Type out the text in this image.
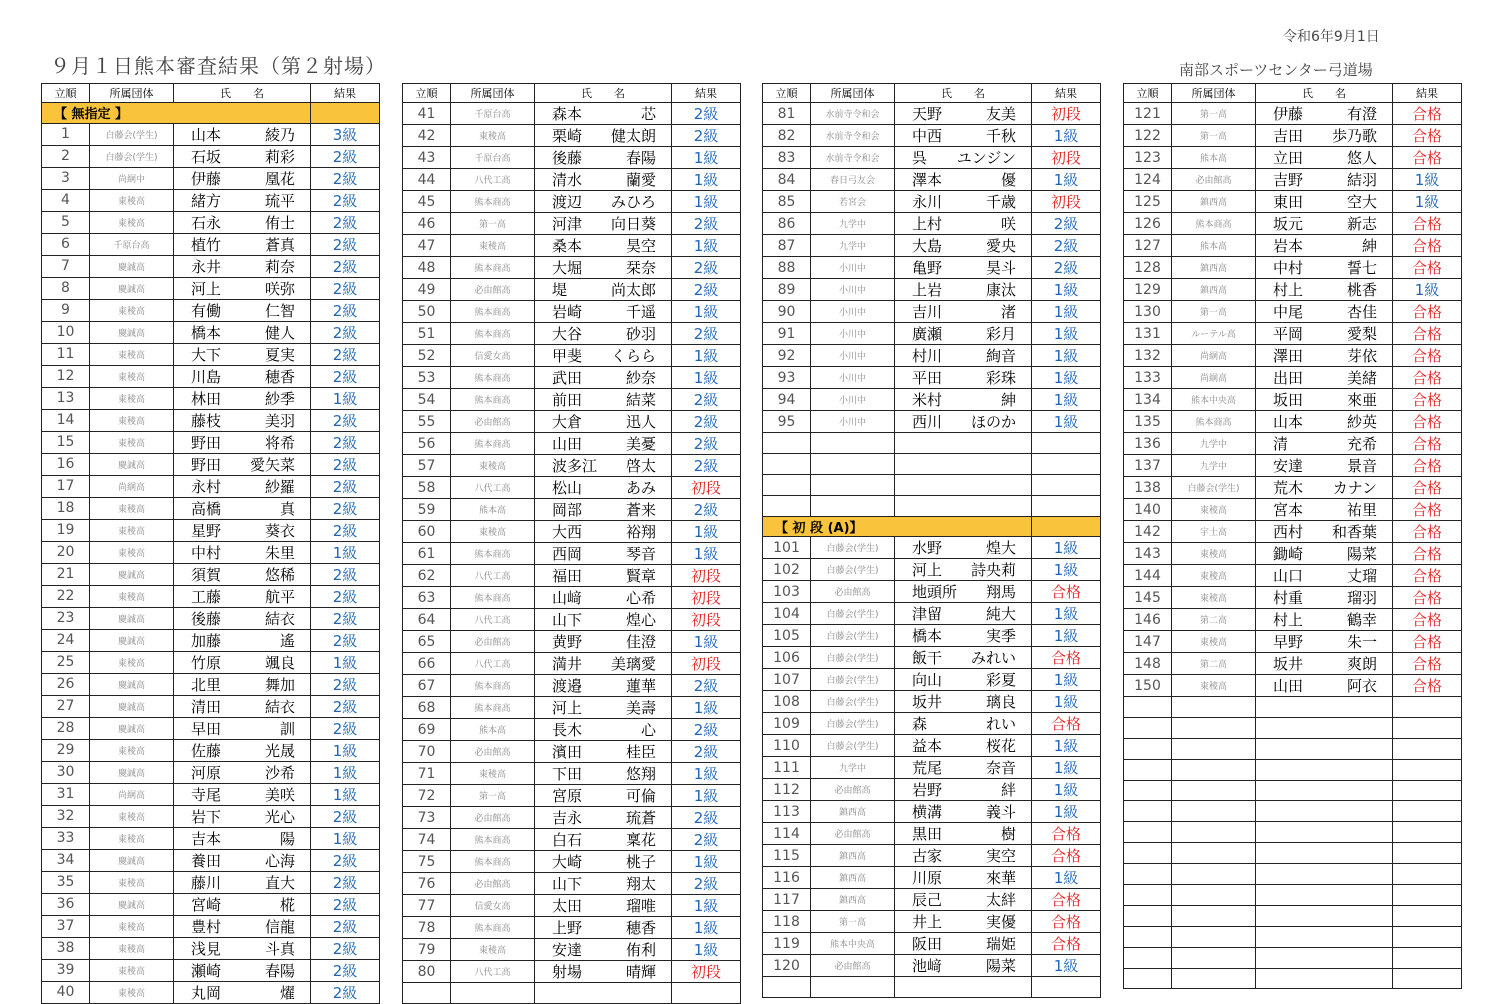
９月１日熊本審査結果（第２射場）
令和6年9月1日
南部スポーツセンター弓道場
立順	所属団体	氏　　名	結果
【 無指定 】			
1	白藤会(学生)	山本 綾乃	3級
2	白藤会(学生)	石坂 莉彩	2級
3	尚絅中	伊藤 凰花	2級
4	東稜高	緒方 琉平	2級
5	東稜高	石永 侑士	2級
6	千原台高	植竹 蒼真	2級
7	慶誠高	永井 莉奈	2級
8	慶誠高	河上 咲弥	2級
9	東稜高	有働 仁智	2級
10	慶誠高	橋本 健人	2級
11	東稜高	大下 夏実	2級
12	東稜高	川島 穂香	2級
13	東稜高	林田 紗季	1級
14	東稜高	藤枝 美羽	2級
15	東稜高	野田 将希	2級
16	慶誠高	野田 愛矢菜	2級
17	尚絅高	永村 紗羅	2級
18	東稜高	高橋 真	2級
19	東稜高	星野 葵衣	2級
20	東稜高	中村 朱里	1級
21	慶誠高	須賀 悠稀	2級
22	東稜高	工藤 航平	2級
23	慶誠高	後藤 結衣	2級
24	慶誠高	加藤 遙	2級
25	東稜高	竹原 颯良	1級
26	慶誠高	北里 舞加	2級
27	慶誠高	清田 結衣	2級
28	慶誠高	早田 訓	2級
29	東稜高	佐藤 光晟	1級
30	慶誠高	河原 沙希	1級
31	尚絅高	寺尾 美咲	1級
32	東稜高	岩下 光心	2級
33	東稜高	吉本 陽	1級
34	慶誠高	養田 心海	2級
35	東稜高	藤川 直大	2級
36	慶誠高	宮崎 椛	2級
37	東稜高	豊村 信龍	2級
38	東稜高	浅見 斗真	2級
39	東稜高	瀬崎 春陽	2級
40	東稜高	丸岡 燿	2級
立順	所属団体	氏　　名	結果
41	千原台高	森本 芯	2級
42	東稜高	栗崎 健太朗	2級
43	千原台高	後藤 春陽	1級
44	八代工高	清水 蘭愛	1級
45	熊本商高	渡辺 みひろ	1級
46	第一高	河津 向日葵	2級
47	東稜高	桑本 昊空	1級
48	熊本商高	大堀 栞奈	2級
49	必由館高	堤 尚太郎	2級
50	熊本商高	岩崎 千遥	1級
51	熊本商高	大谷 砂羽	2級
52	信愛女高	甲斐 くらら	1級
53	熊本商高	武田 紗奈	1級
54	熊本商高	前田 結菜	2級
55	必由館高	大倉 迅人	2級
56	熊本商高	山田 美憂	2級
57	東稜高	波多江 啓太	2級
58	八代工高	松山 あみ	初段
59	熊本高	岡部 蒼来	2級
60	東稜高	大西 裕翔	1級
61	熊本商高	西岡 琴音	1級
62	八代工高	福田 賢章	初段
63	熊本商高	山﨑 心希	初段
64	八代工高	山下 煌心	初段
65	必由館高	黄野 佳澄	1級
66	八代工高	満井 美璃愛	初段
67	熊本商高	渡邉 蓮華	2級
68	熊本商高	河上 美壽	1級
69	熊本高	長木 心	2級
70	必由館高	濱田 桂臣	2級
71	東稜高	下田 悠翔	1級
72	第一高	宮原 可倫	1級
73	必由館高	吉永 琉蒼	2級
74	熊本商高	白石 稟花	2級
75	熊本商高	大崎 桃子	1級
76	必由館高	山下 翔太	2級
77	信愛女高	太田 瑠唯	1級
78	熊本商高	上野 穂香	1級
79	東稜高	安達 侑利	1級
80	八代工高	射場 晴輝	初段

立順	所属団体	氏　　名	結果
81	水前寺令和会	天野 友美	初段
82	水前寺令和会	中西 千秋	1級
83	水前寺令和会	呉 ユンジン	初段
84	春日弓友会	澤本 優	1級
85	若宮会	永川 千歳	初段
86	九学中	上村 咲	2級
87	九学中	大島 愛央	2級
88	小川中	亀野 昊斗	2級
89	小川中	上岩 康汰	1級
90	小川中	吉川 渚	1級
91	小川中	廣瀬 彩月	1級
92	小川中	村川 絢音	1級
93	小川中	平田 彩珠	1級
94	小川中	米村 紳	1級
95	小川中	西川 ほのか	1級

【 初 段 (A)】			
101	白藤会(学生)	水野 煌大	1級
102	白藤会(学生)	河上 詩央莉	1級
103	必由館高	地頭所 翔馬	合格
104	白藤会(学生)	津留 純大	1級
105	白藤会(学生)	橋本 実季	1級
106	白藤会(学生)	飯干 みれい	合格
107	白藤会(学生)	向山 彩夏	1級
108	白藤会(学生)	坂井 璃良	1級
109	白藤会(学生)	森 れい	合格
110	白藤会(学生)	益本 桜花	1級
111	九学中	荒尾 奈音	1級
112	必由館高	岩野 絆	1級
113	鎮西高	横溝 義斗	1級
114	必由館高	黒田 樹	合格
115	鎮西高	古家 実空	合格
116	鎮西高	川原 來華	1級
117	鎮西高	辰己 太絆	合格
118	第一高	井上 実優	合格
119	熊本中央高	阪田 瑞姫	合格
120	必由館高	池﨑 陽菜	1級

立順	所属団体	氏　　名	結果
121	第一高	伊藤 有澄	合格
122	第一高	吉田 歩乃歌	合格
123	熊本高	立田 悠人	合格
124	必由館高	吉野 結羽	1級
125	鎮西高	東田 空大	1級
126	熊本商高	坂元 新志	合格
127	熊本高	岩本 紳	合格
128	鎮西高	中村 誓七	合格
129	鎮西高	村上 桃香	1級
130	第一高	中尾 杏佳	合格
131	ルーテル高	平岡 愛梨	合格
132	尚絅高	澤田 芽依	合格
133	尚絅高	出田 美緒	合格
134	熊本中央高	坂田 來亜	合格
135	熊本商高	山本 紗英	合格
136	九学中	清 充希	合格
137	九学中	安達 景音	合格
138	白藤会(学生)	荒木 カナン	合格
140	東稜高	宮本 祐里	合格
142	宇土高	西村 和香葉	合格
143	東稜高	鋤崎 陽菜	合格
144	東稜高	山口 丈瑠	合格
145	東稜高	村重 瑠羽	合格
146	第二高	村上 鶴幸	合格
147	東稜高	早野 朱一	合格
148	第二高	坂井 爽朗	合格
150	東稜高	山田 阿衣	合格
